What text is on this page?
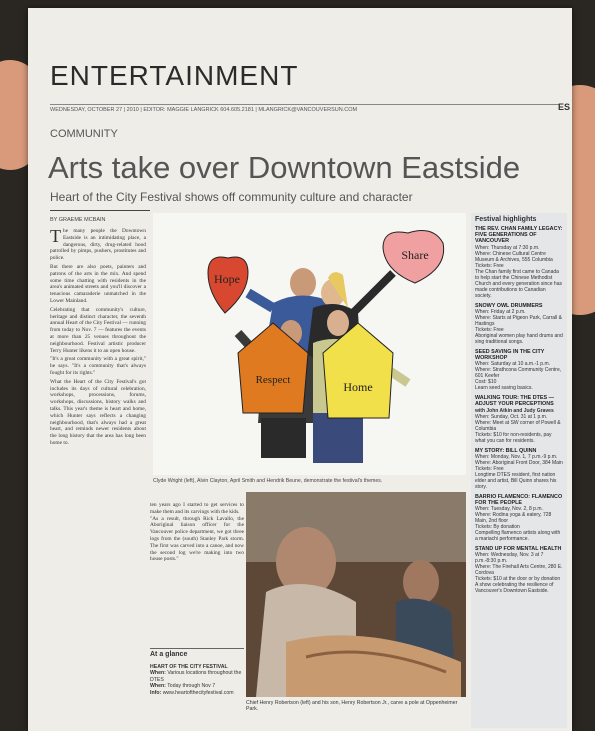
ENTERTAINMENT
WEDNESDAY, OCTOBER 27 | 2010 | EDITOR: MAGGIE LANGRICK 604.605.2181 | MLANGRICK@VANCOUVERSUN.COM	ES
COMMUNITY
Arts take over Downtown Eastside
Heart of the City Festival shows off community culture and character
BY GRAEME MCBAIN

The many people the Downtown Eastside is an intimidating place, a dangerous, dirty, drug-related hood patrolled by pimps, pushers, prostitutes and police.

But there are also poets, painters and patrons of the arts in the mix. And spend some time chatting with residents in the area's animated streets and you'll discover a tenacious camaraderie unmatched in the Lower Mainland.

Celebrating that community's culture, heritage and distinct character, the seventh annual Heart of the City Festival — running from today to Nov. 7 — features the events at more than 25 venues throughout the neighbourhood. Festival artistic producer Terry Hunter likens it to an open house.

"It's a great community with a great spirit," he says. "It's a community that's always fought for its rights."

What the Heart of the City Festival's got includes its days of cultural celebration, workshops, processions, forums, workshops, discussions, history walks and talks. This year's theme is heart and home, which Hunter says reflects a changing neighbourhood, that's always had a great heart, and reminds newer residents about the long history that the area has long been home to.

Hope
Share
Respect	Home
Clyde Wright (left), Alvin Clayton, April Smith and Hendrik Beune, demonstrate the festival's themes.

ten years ago I started to get services to make them and its carvings with the kids.

"As a result, through Rick Lavallo, the Aboriginal liaison officer for the Vancouver police department, we got three logs from the (south) Stanley Park storm. The first was carved into a canoe, and now the second log we're making into two house posts."

Chief Henry Robertson (left) and his son, Henry Robertson Jr., carve a pole at Oppenheimer Park.
At a glance
HEART OF THE CITY FESTIVAL
When: Various locations throughout the DTES
When: Today through Nov 7
Info: www.heartofthecityfestival.com
Festival highlights
THE REV. CHAN FAMILY LEGACY: FIVE GENERATIONS OF VANCOUVER
When: Thursday at 7:30 p.m.
Where: Chinese Cultural Centre Museum & Archives, 555 Columbia
Tickets: Free
The Chan family first came to Canada to help start the Chinese Methodist Church and every generation since has made contributions to Canadian society.
SNOWY OWL DRUMMERS
When: Friday at 2 p.m.
Where: Starts at Pigeon Park, Carrall & Hastings
Tickets: Free
Aboriginal women play hand drums and sing traditional songs.
SEED SAVING IN THE CITY WORKSHOP
When: Saturday at 10 a.m.-1 p.m.
Where: Strathcona Community Centre, 601 Keefer
Cost: $10
Learn seed saving basics.
WALKING TOUR: THE DTES — ADJUST YOUR PERCEPTIONS
with John Atkin and Judy Graves
When: Sunday, Oct. 31 at 1 p.m.
Where: Meet at SW corner of Powell & Columbia
Tickets: $10 for non-residents, pay what you can for residents.
MY STORY: BILL QUINN
When: Monday, Nov. 1, 7 p.m.-9 p.m.
Where: Aboriginal Front Door, 384 Main
Tickets: Free
Longtime DTES resident, first nation elder and artist, Bill Quinn shares his story.
BARRIO FLAMENCO: FLAMENCO FOR THE PEOPLE
When: Tuesday, Nov. 2, 8 p.m.
Where: Rodina yoga & eatery, 728 Main, 2nd floor
Tickets: By donation
Compelling flamenco artists along with a mariachi performance.
STAND UP FOR MENTAL HEALTH
When: Wednesday, Nov. 3 at 7 p.m.-8:30 p.m.
Where: The Firehall Arts Centre, 280 E. Cordova
Tickets: $10 at the door or by donation
A show celebrating the resilience of Vancouver's Downtown Eastside.
